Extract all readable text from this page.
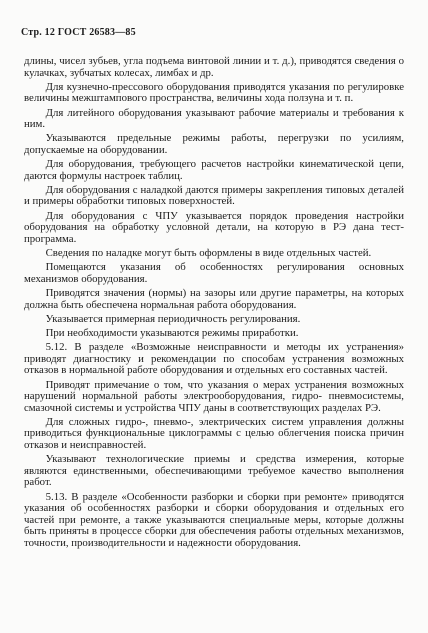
Стр. 12 ГОСТ 26583—85

длины, чисел зубьев, угла подъема винтовой линии и т. д.), приводятся сведения о кулачках, зубчатых колесах, лимбах и др.

Для кузнечно-прессового оборудования приводятся указания по регулировке величины межштампового пространства, величины хода ползуна и т. п.

Для литейного оборудования указывают рабочие материалы и требования к ним.

Указываются предельные режимы работы, перегрузки по усилиям, допускаемые на оборудовании.

Для оборудования, требующего расчетов настройки кинематической цепи, даются формулы настроек таблиц.

Для оборудования с наладкой даются примеры закрепления типовых деталей и примеры обработки типовых поверхностей.

Для оборудования с ЧПУ указывается порядок проведения настройки оборудования на обработку условной детали, на которую в РЭ дана тест-программа.

Сведения по наладке могут быть оформлены в виде отдельных частей.

Помещаются указания об особенностях регулирования основных механизмов оборудования.

Приводятся значения (нормы) на зазоры или другие параметры, на которых должна быть обеспечена нормальная работа оборудования.

Указывается примерная периодичность регулирования.

При необходимости указываются режимы приработки.

5.12. В разделе «Возможные неисправности и методы их устранения» приводят диагностику и рекомендации по способам устранения возможных отказов в нормальной работе оборудования и отдельных его составных частей.

Приводят примечание о том, что указания о мерах устранения возможных нарушений нормальной работы электрооборудования, гидро- пневмосистемы, смазочной системы и устройства ЧПУ даны в соответствующих разделах РЭ.

Для сложных гидро-, пневмо-, электрических систем управления должны приводиться функциональные циклограммы с целью облегчения поиска причин отказов и неисправностей.

Указывают технологические приемы и средства измерения, которые являются единственными, обеспечивающими требуемое качество выполнения работ.

5.13. В разделе «Особенности разборки и сборки при ремонте» приводятся указания об особенностях разборки и сборки оборудования и отдельных его частей при ремонте, а также указываются специальные меры, которые должны быть приняты в процессе сборки для обеспечения работы отдельных механизмов, точности, производительности и надежности оборудования.
